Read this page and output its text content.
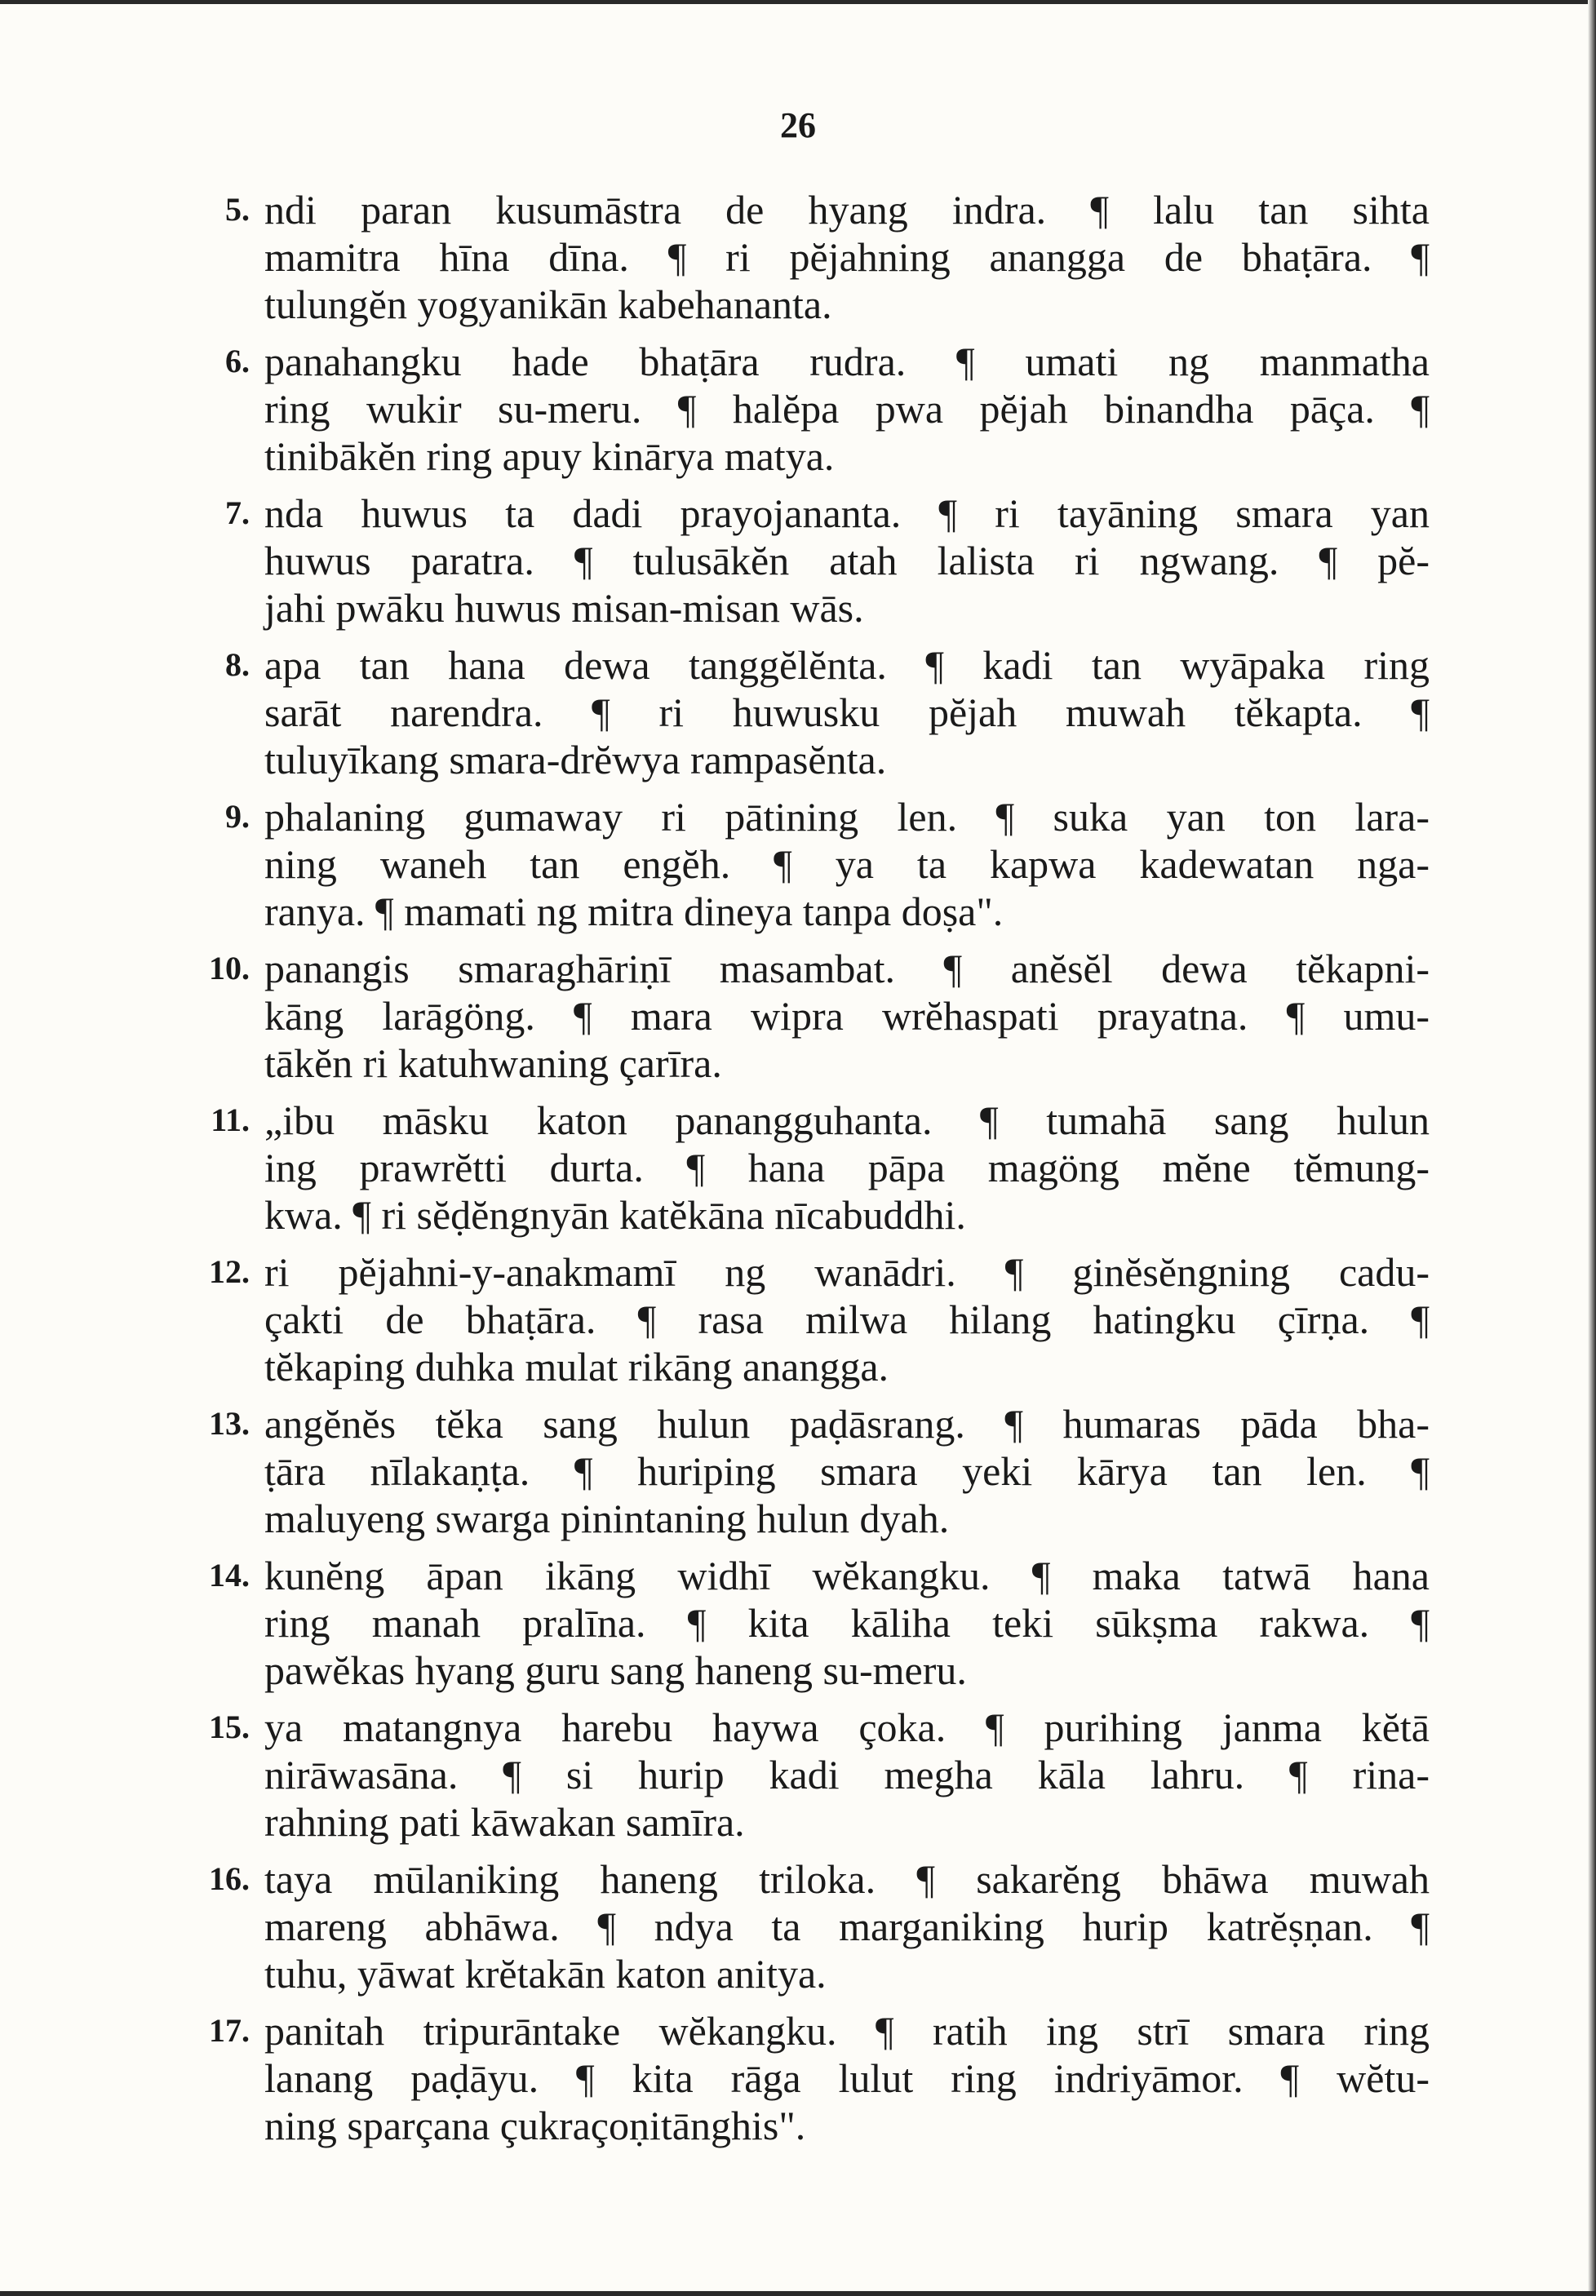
26
5. ndi paran kusumāstra de hyang indra. ¶ lalu tan sihta
mamitra hīna dīna. ¶ ri pĕjahning anangga de bhaṭāra. ¶
tulungĕn yogyanikān kabehananta.
6. panahangku hade bhaṭāra rudra. ¶ umati ng manmatha
ring wukir su-meru. ¶ halĕpa pwa pĕjah binandha pāça. ¶
tinibākĕn ring apuy kinārya matya.
7. nda huwus ta dadi prayojananta. ¶ ri tayāning smara yan
huwus paratra. ¶ tulusākĕn atah lalista ri ngwang. ¶ pĕ-
jahi pwāku huwus misan-misan wās.
8. apa tan hana dewa tanggĕlĕnta. ¶ kadi tan wyāpaka ring
sarāt narendra. ¶ ri huwusku pĕjah muwah tĕkapta. ¶
tuluyīkang smara-drĕwya rampasĕnta.
9. phalaning gumaway ri pātining len. ¶ suka yan ton lara-
ning waneh tan engĕh. ¶ ya ta kapwa kadewatan nga-
ranya. ¶ mamati ng mitra dineya tanpa doṣa".
10. panangis smaraghāriṇī masambat. ¶ anĕsĕl dewa tĕkapni-
kāng larāgöng. ¶ mara wipra wrĕhaspati prayatna. ¶ umu-
tākĕn ri katuhwaning çarīra.
11. „ibu māsku katon panangguhanta. ¶ tumahā sang hulun
ing prawrĕtti durta. ¶ hana pāpa magöng mĕne tĕmung-
kwa. ¶ ri sĕḍĕngnyān katĕkāna nīcabuddhi.
12. ri pĕjahni-y-anakmamī ng wanādri. ¶ ginĕsĕngning cadu-
çakti de bhaṭāra. ¶ rasa milwa hilang hatingku çīrṇa. ¶
tĕkaping duhka mulat rikāng anangga.
13. angĕnĕs tĕka sang hulun paḍāsrang. ¶ humaras pāda bha-
ṭāra nīlakaṇṭa. ¶ huriping smara yeki kārya tan len. ¶
maluyeng swarga pinintaning hulun dyah.
14. kunĕng āpan ikāng widhī wĕkangku. ¶ maka tatwā hana
ring manah pralīna. ¶ kita kāliha teki sūkṣma rakwa. ¶
pawĕkas hyang guru sang haneng su-meru.
15. ya matangnya harebu haywa çoka. ¶ purihing janma kĕtā
nirāwasāna. ¶ si hurip kadi megha kāla lahru. ¶ rina-
rahning pati kāwakan samīra.
16. taya mūlaniking haneng triloka. ¶ sakarĕng bhāwa muwah
mareng abhāwa. ¶ ndya ta marganiking hurip katrĕṣṇan. ¶
tuhu, yāwat krĕtakān katon anitya.
17. panitah tripurāntake wĕkangku. ¶ ratih ing strī smara ring
lanang paḍāyu. ¶ kita rāga lulut ring indriyāmor. ¶ wĕtu-
ning sparçana çukraçoṇitānghis".
